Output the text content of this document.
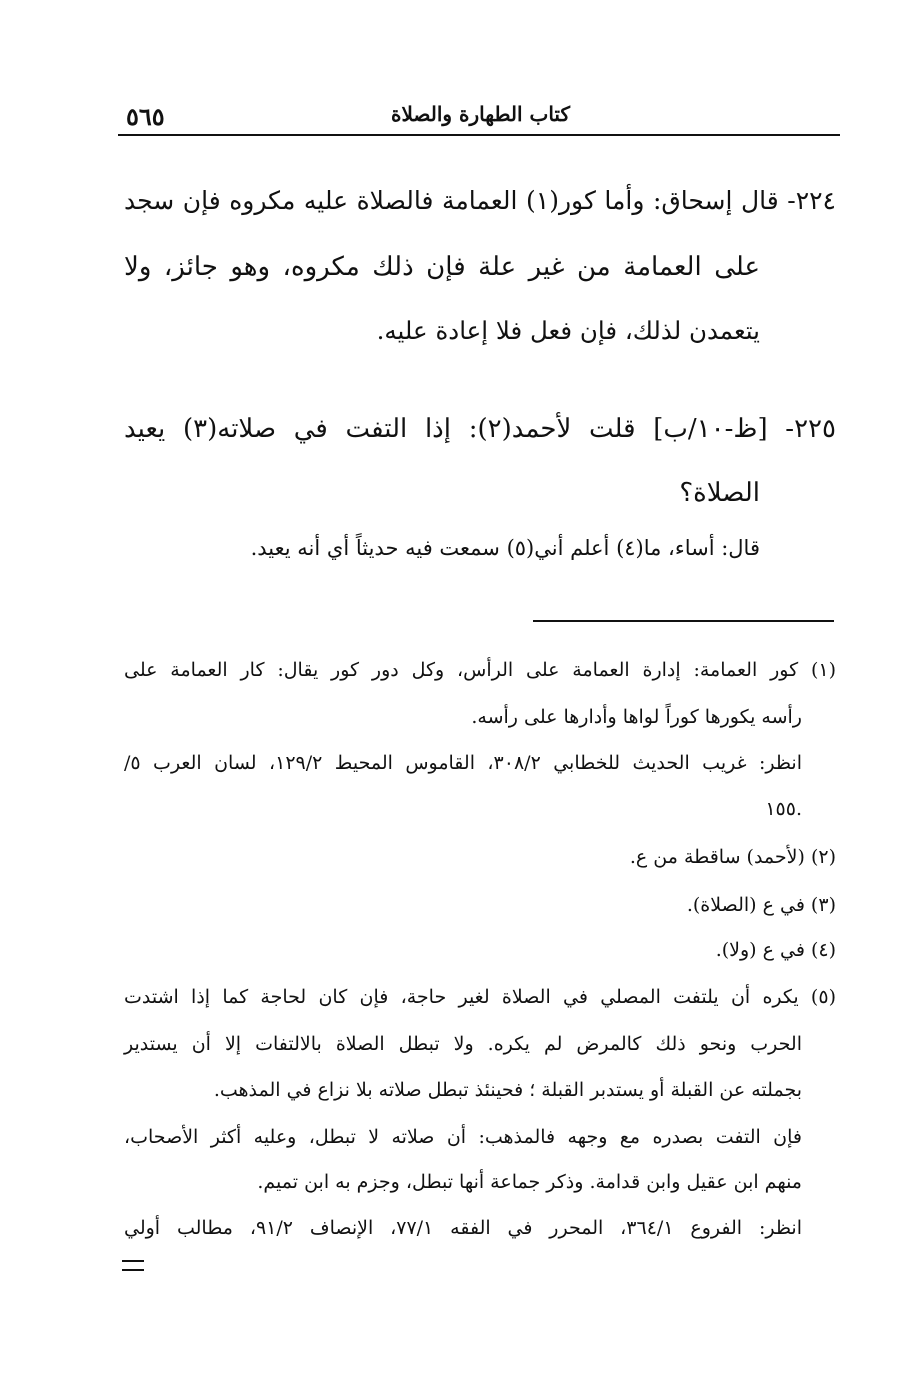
٥٦٥	كتاب الطهارة والصلاة
٢٢٤- قال إسحاق: وأما كور(١) العمامة فالصلاة عليه مكروه فإن سجد
على العمامة من غير علة فإن ذلك مكروه، وهو جائز، ولا
يتعمدن لذلك، فإن فعل فلا إعادة عليه.
٢٢٥- [ظ-١٠/ب] قلت لأحمد(٢): إذا التفت في صلاته(٣) يعيد
الصلاة؟
قال: أساء، ما(٤) أعلم أني(٥) سمعت فيه حديثاً أي أنه يعيد.
(١) كور العمامة: إدارة العمامة على الرأس، وكل دور كور يقال: كار العمامة على
رأسه يكورها كوراً لواها وأدارها على رأسه.
انظر: غريب الحديث للخطابي ٣٠٨/٢، القاموس المحيط ١٢٩/٢، لسان العرب ٥/
.١٥٥
(٢) (لأحمد) ساقطة من ع.
(٣) في ع (الصلاة).
(٤) في ع (ولا).
(٥) يكره أن يلتفت المصلي في الصلاة لغير حاجة، فإن كان لحاجة كما إذا اشتدت
الحرب ونحو ذلك كالمرض لم يكره. ولا تبطل الصلاة بالالتفات إلا أن يستدير
بجملته عن القبلة أو يستدبر القبلة ؛ فحينئذ تبطل صلاته بلا نزاع في المذهب.
فإن التفت بصدره مع وجهه فالمذهب: أن صلاته لا تبطل، وعليه أكثر الأصحاب،
منهم ابن عقيل وابن قدامة. وذكر جماعة أنها تبطل، وجزم به ابن تميم.
انظر: الفروع ٣٦٤/١، المحرر في الفقه ٧٧/١، الإنصاف ٩١/٢، مطالب أولي
